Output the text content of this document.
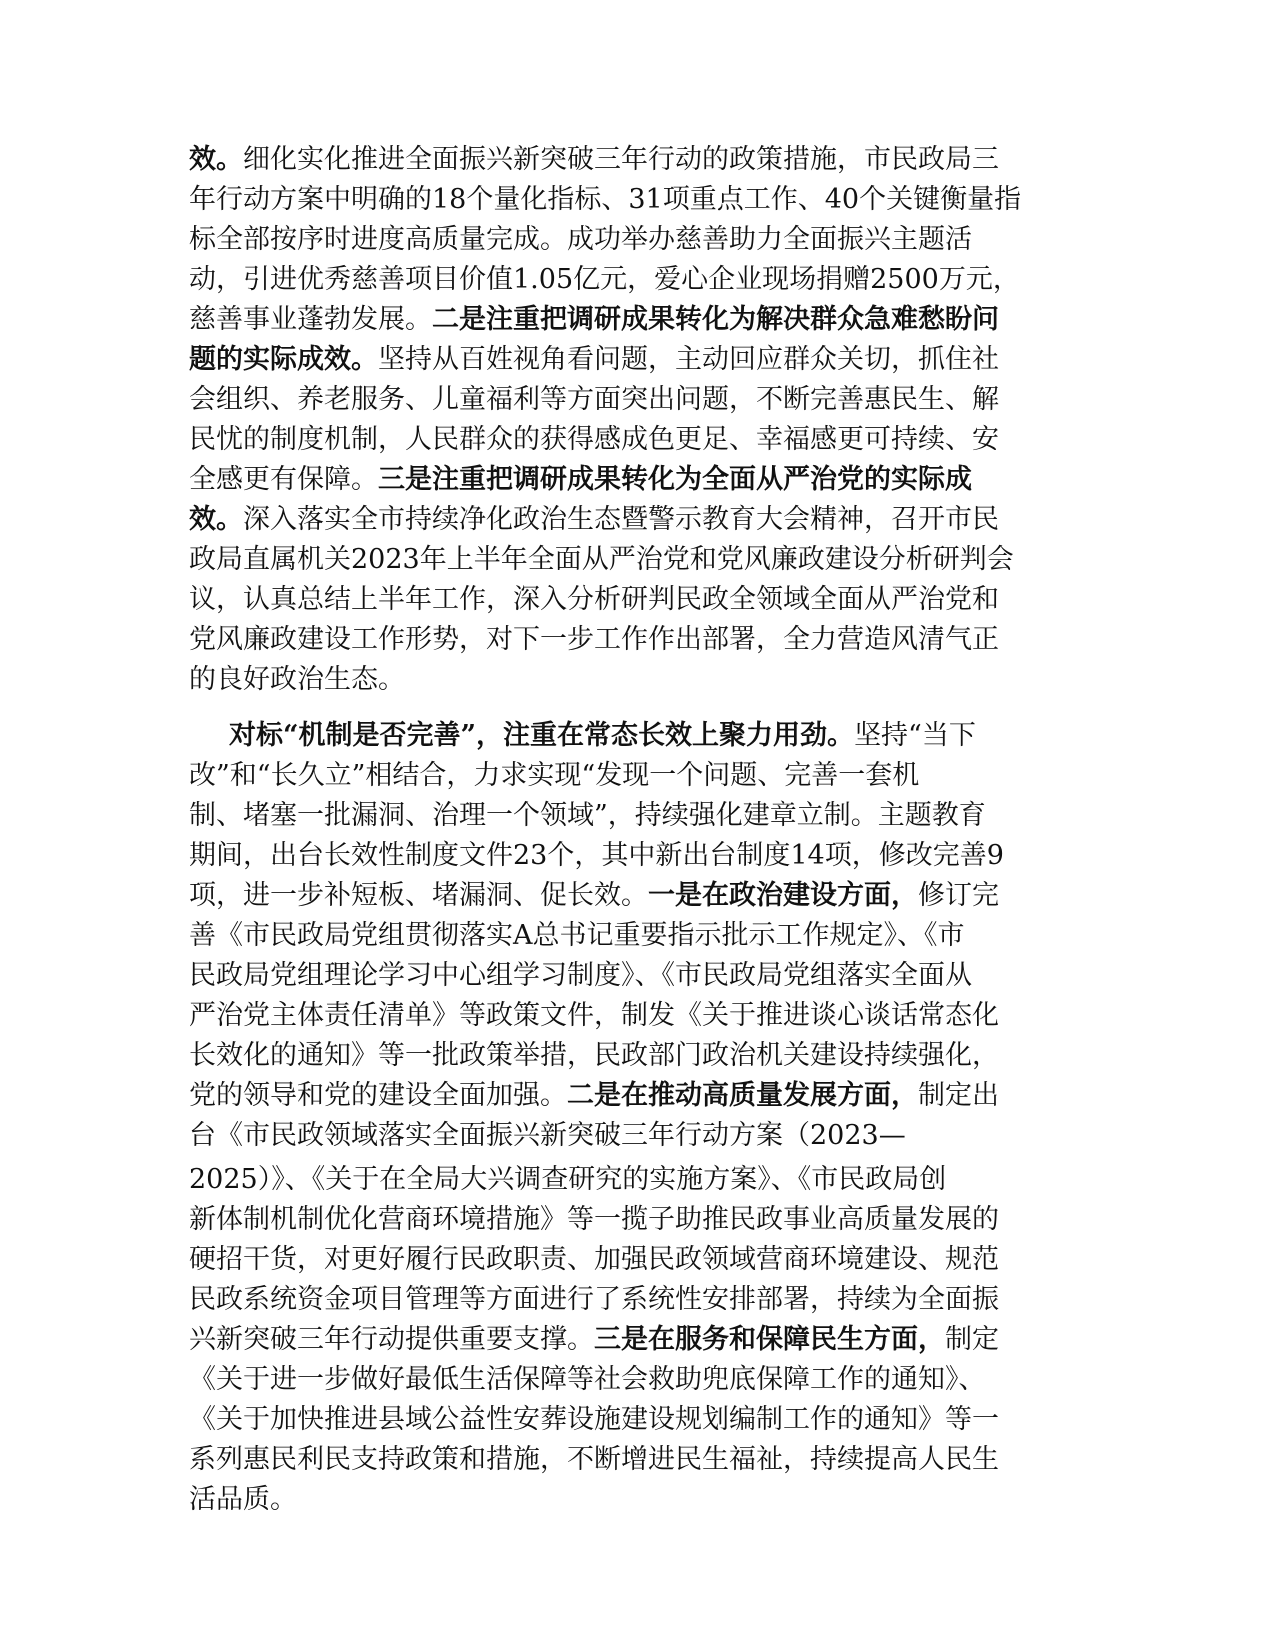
效。细化实化推进全面振兴新突破三年行动的政策措施，市民政局三
年行动方案中明确的18个量化指标、31项重点工作、40个关键衡量指
标全部按序时进度高质量完成。成功举办慈善助力全面振兴主题活
动，引进优秀慈善项目价值1.05亿元，爱心企业现场捐赠2500万元，
慈善事业蓬勃发展。二是注重把调研成果转化为解决群众急难愁盼问
题的实际成效。坚持从百姓视角看问题，主动回应群众关切，抓住社
会组织、养老服务、儿童福利等方面突出问题，不断完善惠民生、解
民忧的制度机制，人民群众的获得感成色更足、幸福感更可持续、安
全感更有保障。三是注重把调研成果转化为全面从严治党的实际成
效。深入落实全市持续净化政治生态暨警示教育大会精神，召开市民
政局直属机关2023年上半年全面从严治党和党风廉政建设分析研判会
议，认真总结上半年工作，深入分析研判民政全领域全面从严治党和
党风廉政建设工作形势，对下一步工作作出部署，全力营造风清气正
的良好政治生态。
对标“机制是否完善”，注重在常态长效上聚力用劲。坚持“当下
改”和“长久立”相结合，力求实现“发现一个问题、完善一套机
制、堵塞一批漏洞、治理一个领域”，持续强化建章立制。主题教育
期间，出台长效性制度文件23个，其中新出台制度14项，修改完善9
项，进一步补短板、堵漏洞、促长效。一是在政治建设方面，修订完
善《市民政局党组贯彻落实A总书记重要指示批示工作规定》、《市
民政局党组理论学习中心组学习制度》、《市民政局党组落实全面从
严治党主体责任清单》等政策文件，制发《关于推进谈心谈话常态化
长效化的通知》等一批政策举措，民政部门政治机关建设持续强化，
党的领导和党的建设全面加强。二是在推动高质量发展方面，制定出
台《市民政领域落实全面振兴新突破三年行动方案（2023—
2025）》、《关于在全局大兴调查研究的实施方案》、《市民政局创
新体制机制优化营商环境措施》等一揽子助推民政事业高质量发展的
硬招干货，对更好履行民政职责、加强民政领域营商环境建设、规范
民政系统资金项目管理等方面进行了系统性安排部署，持续为全面振
兴新突破三年行动提供重要支撑。三是在服务和保障民生方面，制定
《关于进一步做好最低生活保障等社会救助兜底保障工作的通知》、
《关于加快推进县域公益性安葬设施建设规划编制工作的通知》等一
系列惠民利民支持政策和措施，不断增进民生福祉，持续提高人民生
活品质。
